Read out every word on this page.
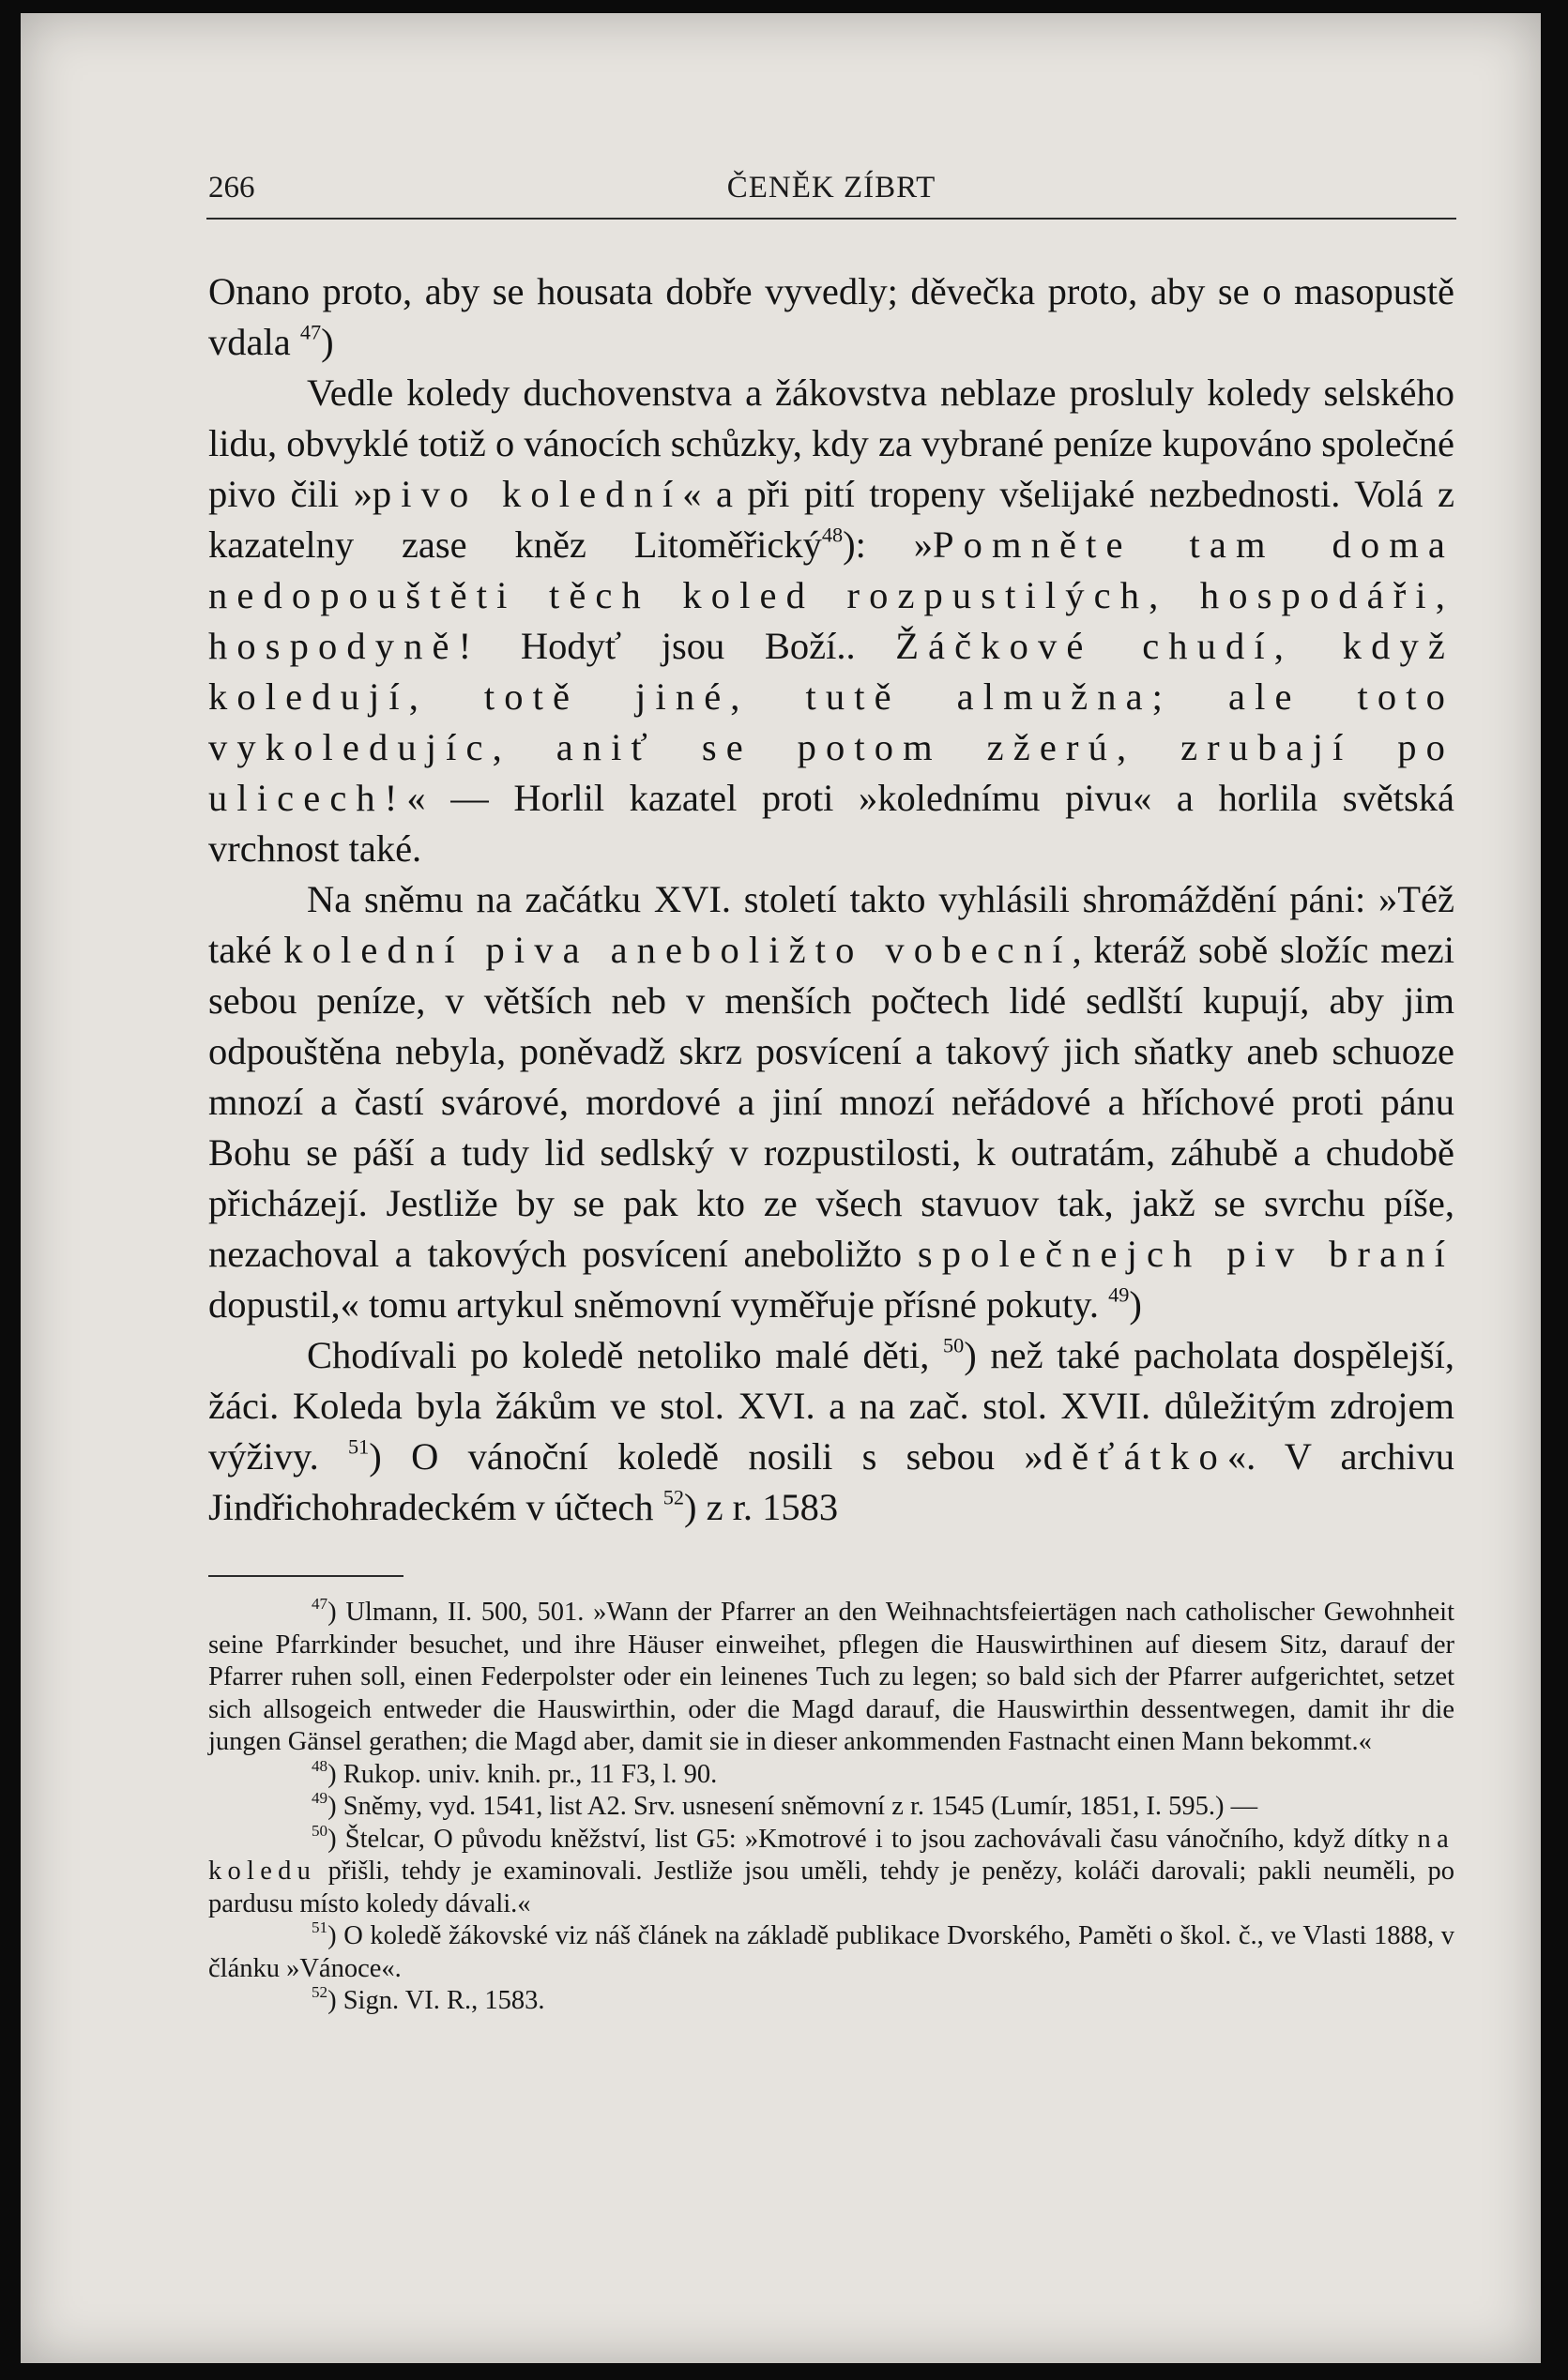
266	ČENĚK ZÍBRT

Onano proto, aby se housata dobře vyvedly; děvečka proto, aby se o masopustě vdala $^{47}$)

Vedle koledy duchovenstva a žákovstva neblaze prosluly koledy selského lidu, obvyklé totiž o vánocích schůzky, kdy za vybrané peníze kupováno společné pivo čili »pivo kolední« a při pití tropeny všelijaké nezbednosti. Volá z kazatelny zase kněz Litoměřický$^{48}$): »Pomněte tam doma nedopouštěti těch koled rozpustilých, hospodáři, hospodyně! Hodyť jsou Boží.. Žáčkové chudí, když koledují, totě jiné, tutě almužna; ale toto vykoledujíc, aniť se potom zžerú, zrubají po ulicech!« — Horlil kazatel proti »kolednímu pivu« a horlila světská vrchnost také.

Na sněmu na začátku XVI. století takto vyhlásili shromáždění páni: »Též také kolední piva aneboližto vobecní, kteráž sobě složíc mezi sebou peníze, v větších neb v menších počtech lidé sedlští kupují, aby jim odpouštěna nebyla, poněvadž skrz posvícení a takový jich sňatky aneb schuoze mnozí a častí svárové, mordové a jiní mnozí neřádové a hříchové proti pánu Bohu se páší a tudy lid sedlský v rozpustilosti, k outratám, záhubě a chudobě přicházejí. Jestliže by se pak kto ze všech stavuov tak, jakž se svrchu píše, nezachoval a takových posvícení aneboližto společnejch piv braní dopustil,« tomu artykul sněmovní vyměřuje přísné pokuty. $^{49}$)

Chodívali po koledě netoliko malé děti, $^{50}$) než také pacholata dospělejší, žáci. Koleda byla žákům ve stol. XVI. a na zač. stol. XVII. důležitým zdrojem výživy. $^{51}$) O vánoční koledě nosili s sebou »děťátko«. V archivu Jindřichohradeckém v účtech $^{52}$) z r. 1583

$^{47}$) Ulmann, II. 500, 501. »Wann der Pfarrer an den Weihnachtsfeiertägen nach catholischer Gewohnheit seine Pfarrkinder besuchet, und ihre Häuser einweihet, pflegen die Hauswirthinen auf diesem Sitz, darauf der Pfarrer ruhen soll, einen Federpolster oder ein leinenes Tuch zu legen; so bald sich der Pfarrer aufgerichtet, setzet sich allsogeich entweder die Hauswirthin, oder die Magd darauf, die Hauswirthin dessentwegen, damit ihr die jungen Gänsel gerathen; die Magd aber, damit sie in dieser ankommenden Fastnacht einen Mann bekommt.«

$^{48}$) Rukop. univ. knih. pr., 11 F3, l. 90.

$^{49}$) Sněmy, vyd. 1541, list A2. Srv. usnesení sněmovní z r. 1545 (Lumír, 1851, I. 595.) —

$^{50}$) Štelcar, O původu kněžství, list G5: »Kmotrové i to jsou zachovávali času vánočního, když dítky na koledu přišli, tehdy je examinovali. Jestliže jsou uměli, tehdy je penězy, koláči darovali; pakli neuměli, po pardusu místo koledy dávali.«

$^{51}$) O koledě žákovské viz náš článek na základě publikace Dvorského, Paměti o škol. č., ve Vlasti 1888, v článku »Vánoce«.

$^{52}$) Sign. VI. R., 1583.
